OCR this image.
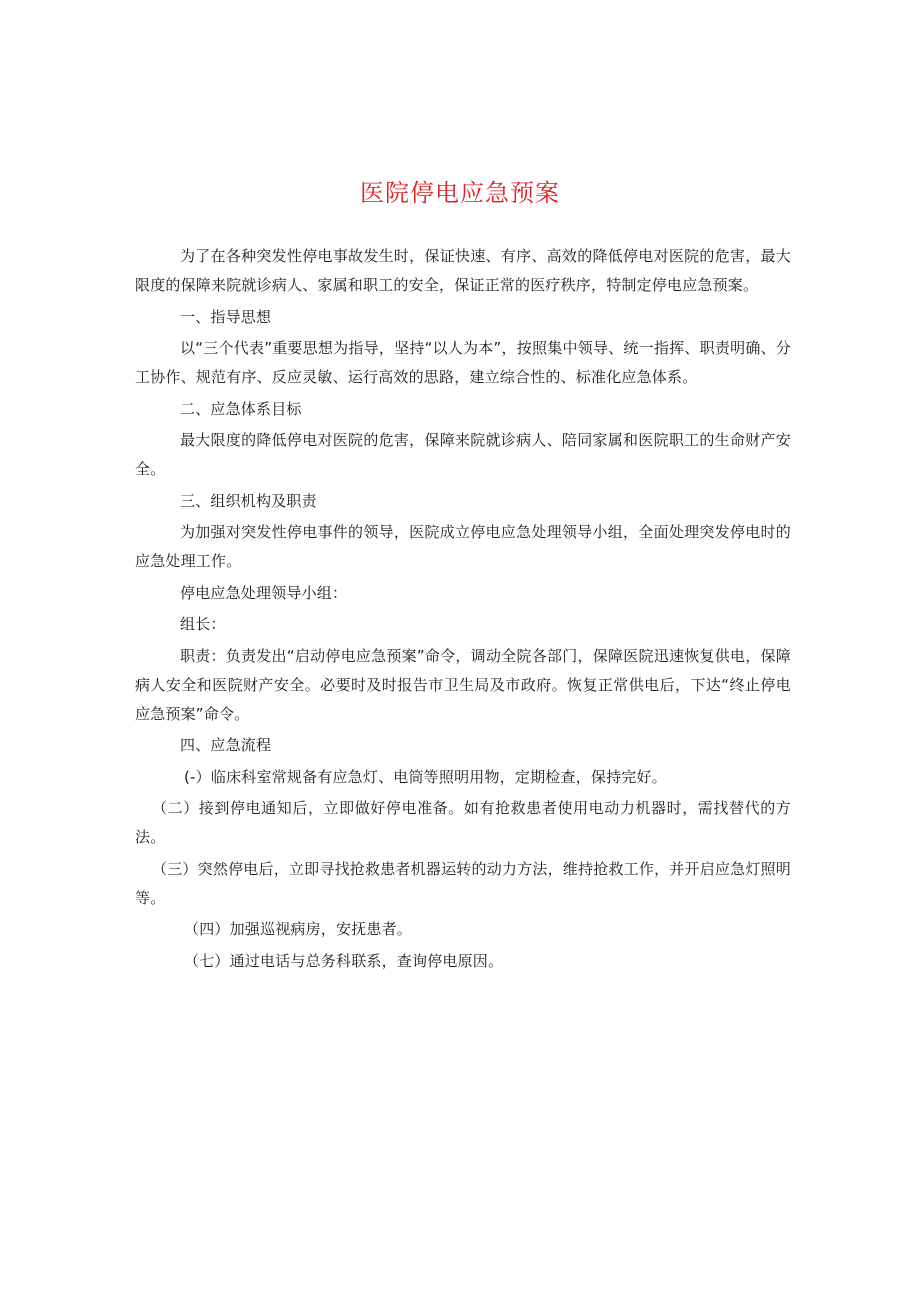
医院停电应急预案

为了在各种突发性停电事故发生时，保证快速、有序、高效的降低停电对医院的危害，最大限度的保障来院就诊病人、家属和职工的安全，保证正常的医疗秩序，特制定停电应急预案。

一、指导思想

以“三个代表”重要思想为指导，坚持“以人为本”，按照集中领导、统一指挥、职责明确、分工协作、规范有序、反应灵敏、运行高效的思路，建立综合性的、标准化应急体系。

二、应急体系目标

最大限度的降低停电对医院的危害，保障来院就诊病人、陪同家属和医院职工的生命财产安全。

三、组织机构及职责

为加强对突发性停电事件的领导，医院成立停电应急处理领导小组，全面处理突发停电时的应急处理工作。

停电应急处理领导小组：

组长：

职责：负责发出“启动停电应急预案”命令，调动全院各部门，保障医院迅速恢复供电，保障病人安全和医院财产安全。必要时及时报告市卫生局及市政府。恢复正常供电后，下达“终止停电应急预案”命令。

四、应急流程

(-）临床科室常规备有应急灯、电筒等照明用物，定期检查，保持完好。

（二）接到停电通知后，立即做好停电准备。如有抢救患者使用电动力机器时，需找替代的方法。

（三）突然停电后，立即寻找抢救患者机器运转的动力方法，维持抢救工作，并开启应急灯照明等。

（四）加强巡视病房，安抚患者。

（七）通过电话与总务科联系，查询停电原因。
